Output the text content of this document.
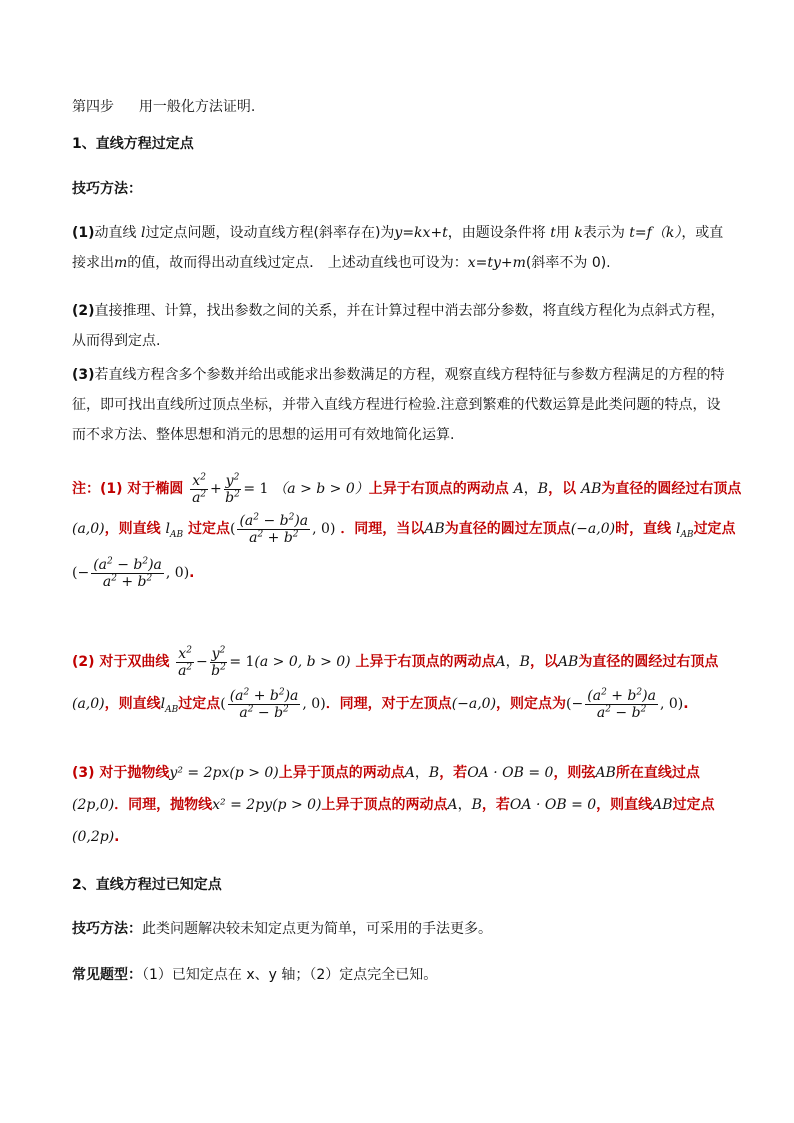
第四步 用一般化方法证明.
1、直线方程过定点
技巧方法：
(1)动直线 l过定点问题，设动直线方程(斜率存在)为y=kx+t，由题设条件将 t用 k表示为 t=f（k），或直
接求出m的值，故而得出动直线过定点． 上述动直线也可设为：x=ty+m(斜率不为 0).
(2)直接推理、计算，找出参数之间的关系，并在计算过程中消去部分参数，将直线方程化为点斜式方程，
从而得到定点.
(3)若直线方程含多个参数并给出或能求出参数满足的方程，观察直线方程特征与参数方程满足的方程的特
征，即可找出直线所过顶点坐标，并带入直线方程进行检验.注意到繁难的代数运算是此类问题的特点，设
而不求方法、整体思想和消元的思想的运用可有效地简化运算.
注：(1) 对于椭圆 $\frac{x^2}{a^2} + \frac{y^2}{b^2} = 1$ （a > b > 0）上异于右顶点的两动点 A，B，以 AB为直径的圆经过右顶点
(a,0)，则直线 $l_{AB}$ 过定点( $\frac{(a^2 - b^2)a}{a^2 + b^2}$ , 0) ．同理，当以AB为直径的圆过左顶点(−a,0)时，直线 $l_{AB}$过定点
(− $\frac{(a^2 - b^2)a}{a^2 + b^2}$ , 0).
(2) 对于双曲线 $\frac{x^2}{a^2} - \frac{y^2}{b^2} = 1(a > 0$, b > 0) 上异于右顶点的两动点A，B，以AB为直径的圆经过右顶点
(a,0)，则直线$l_{AB}$过定点( $\frac{(a^2 + b^2)a}{a^2 - b^2}$ , 0)．同理，对于左顶点(−a,0)，则定点为(− $\frac{(a^2 + b^2)a}{a^2 - b^2}$ , 0).
(3) 对于抛物线y² = 2px(p > 0)上异于顶点的两动点A，B，若OA · OB = 0，则弦AB所在直线过点
(2p,0)．同理，抛物线x² = 2py(p > 0)上异于顶点的两动点A，B，若OA · OB = 0，则直线AB过定点
(0,2p).
2、直线方程过已知定点
技巧方法：此类问题解决较未知定点更为简单，可采用的手法更多。
常见题型：（1）已知定点在 x、y 轴；（2）定点完全已知。
